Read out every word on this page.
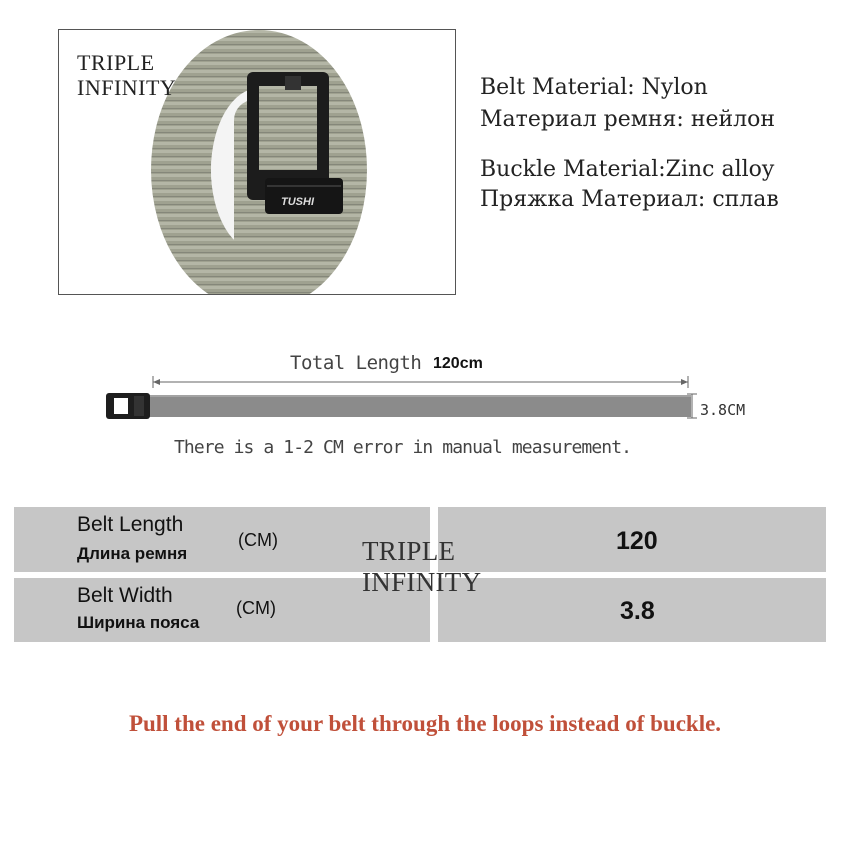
TUSHI
TRIPLE
INFINITY	Belt Material: Nylon
Материал ремня: нейлон
Buckle Material:Zinc alloy
Пряжка Материал: сплав
Total Length 120cm
3.8CM
There is a 1-2 CM error in manual measurement.
Belt Length
Длина ремня
(CM)	120
Belt Width
Ширина пояса
(CM)	3.8
TRIPLE
INFINITY
Pull the end of your belt through the loops instead of buckle.
